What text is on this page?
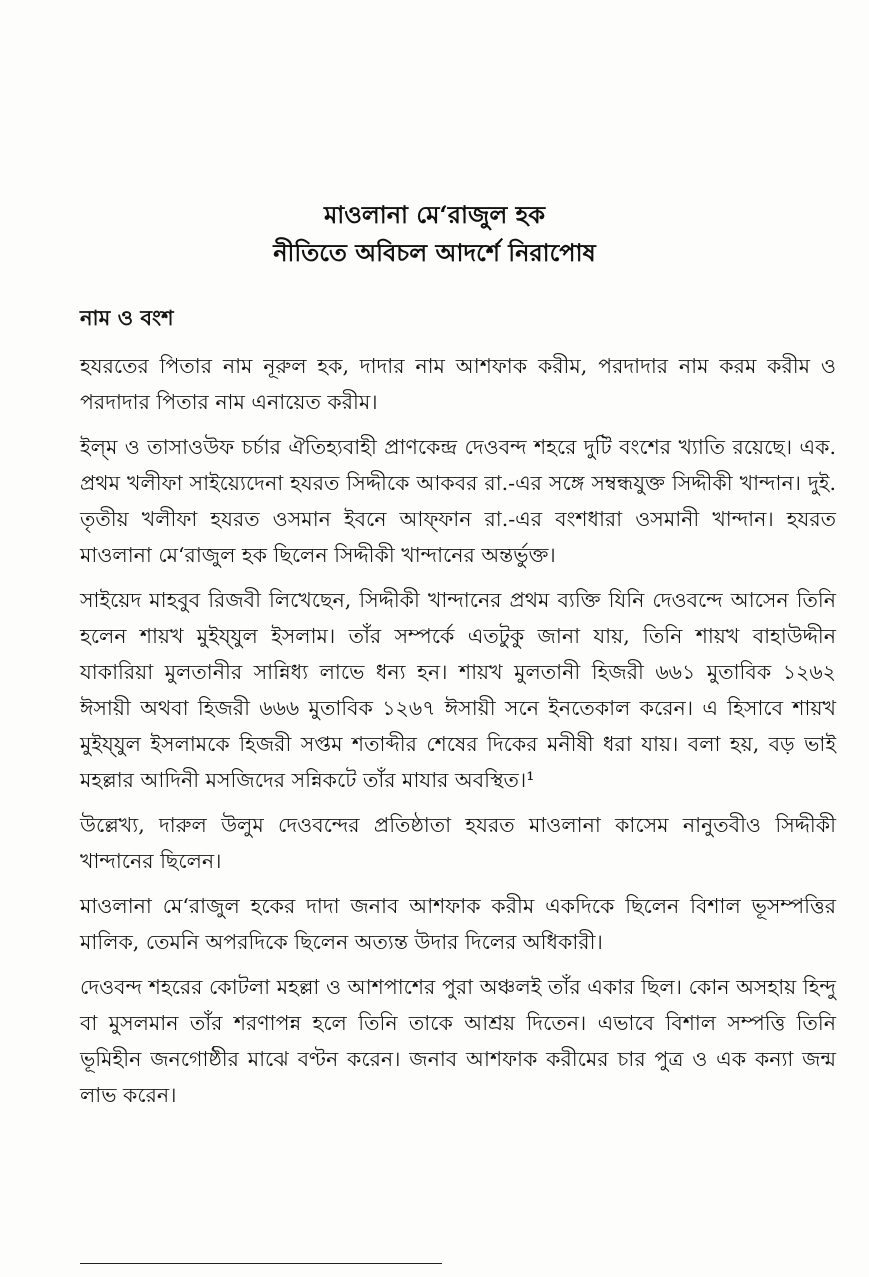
মাওলানা মে‘রাজুল হক
নীতিতে অবিচল আদর্শে নিরাপোষ
নাম ও বংশ

হযরতের পিতার নাম নূরুল হক, দাদার নাম আশফাক করীম, পরদাদার নাম করম করীম ও পরদাদার পিতার নাম এনায়েত করীম।

ইল্‌ম ও তাসাওউফ চর্চার ঐতিহ্যবাহী প্রাণকেন্দ্র দেওবন্দ শহরে দুটি বংশের খ্যাতি রয়েছে। এক. প্রথম খলীফা সাইয়্যেদেনা হযরত সিদ্দীকে আকবর রা.-এর সঙ্গে সম্বন্ধযুক্ত সিদ্দীকী খান্দান। দুই. তৃতীয় খলীফা হযরত ওসমান ইবনে আফ্‌ফান রা.-এর বংশধারা ওসমানী খান্দান। হযরত মাওলানা মে‘রাজুল হক ছিলেন সিদ্দীকী খান্দানের অন্তর্ভুক্ত।

সাইয়েদ মাহবুব রিজবী লিখেছেন, সিদ্দীকী খান্দানের প্রথম ব্যক্তি যিনি দেওবন্দে আসেন তিনি হলেন শায়খ মুইয্‌যুল ইসলাম। তাঁর সম্পর্কে এতটুকু জানা যায়, তিনি শায়খ বাহাউদ্দীন যাকারিয়া মুলতানীর সান্নিধ্য লাভে ধন্য হন। শায়খ মুলতানী হিজরী ৬৬১ মুতাবিক ১২৬২ ঈসায়ী অথবা হিজরী ৬৬৬ মুতাবিক ১২৬৭ ঈসায়ী সনে ইনতেকাল করেন। এ হিসাবে শায়খ মুইয্‌যুল ইসলামকে হিজরী সপ্তম শতাব্দীর শেষের দিকের মনীষী ধরা যায়। বলা হয়, বড় ভাই মহল্লার আদিনী মসজিদের সন্নিকটে তাঁর মাযার অবস্থিত।¹

উল্লেখ্য, দারুল উলুম দেওবন্দের প্রতিষ্ঠাতা হযরত মাওলানা কাসেম নানুতবীও সিদ্দীকী খান্দানের ছিলেন।

মাওলানা মে‘রাজুল হকের দাদা জনাব আশফাক করীম একদিকে ছিলেন বিশাল ভূসম্পত্তির মালিক, তেমনি অপরদিকে ছিলেন অত্যন্ত উদার দিলের অধিকারী।

দেওবন্দ শহরের কোটলা মহল্লা ও আশপাশের পুরা অঞ্চলই তাঁর একার ছিল। কোন অসহায় হিন্দু বা মুসলমান তাঁর শরণাপন্ন হলে তিনি তাকে আশ্রয় দিতেন। এভাবে বিশাল সম্পত্তি তিনি ভূমিহীন জনগোষ্ঠীর মাঝে বণ্টন করেন। জনাব আশফাক করীমের চার পুত্র ও এক কন্যা জন্ম লাভ করেন।
